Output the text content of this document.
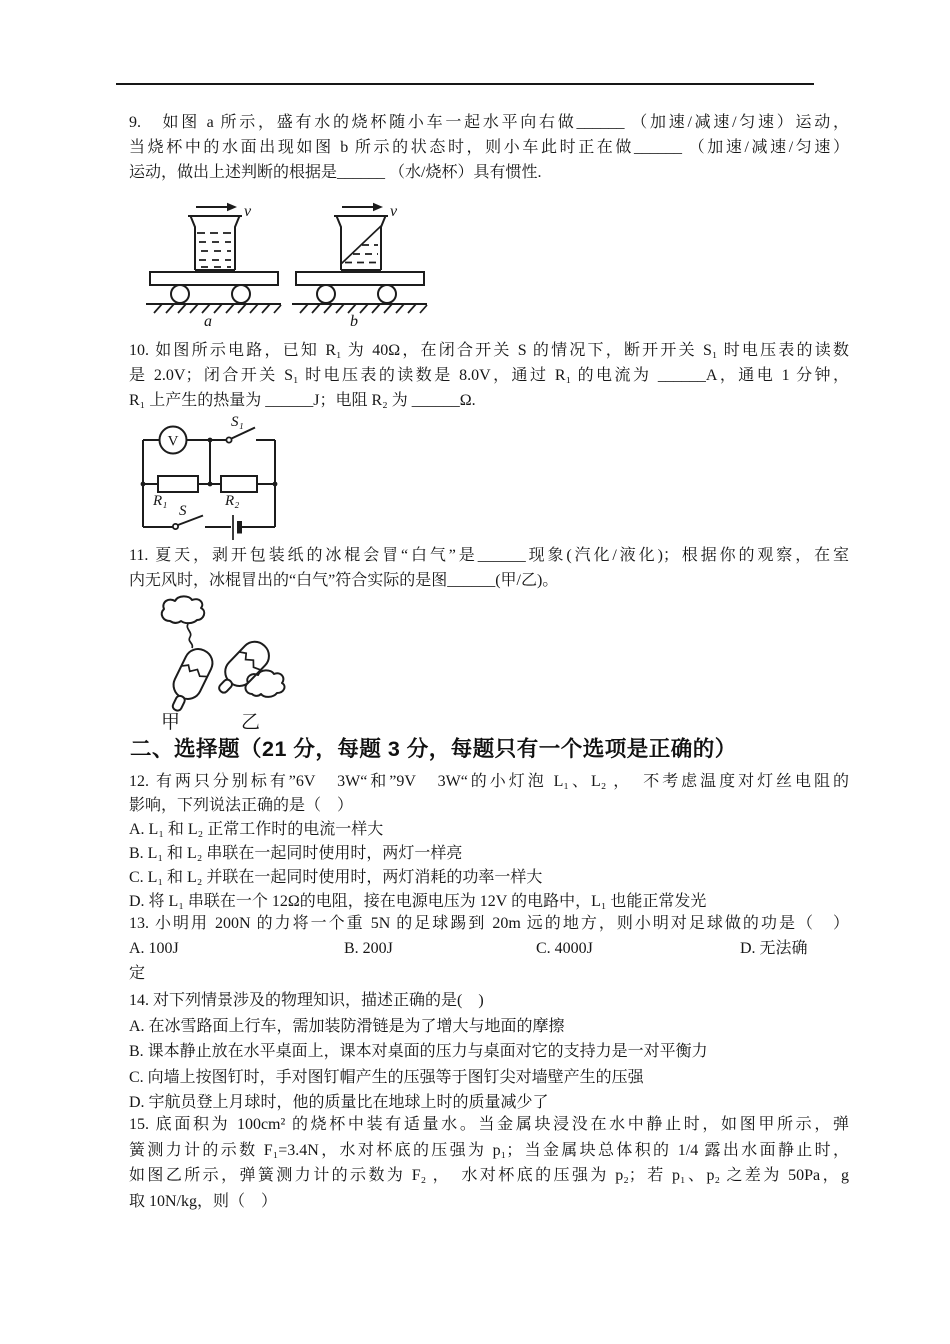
9.　如图 a 所示，盛有水的烧杯随小车一起水平向右做______ （加速/减速/匀速）运动，
当烧杯中的水面出现如图 b 所示的状态时，则小车此时正在做______ （加速/减速/匀速）
运动，做出上述判断的根据是______ （水/烧杯）具有惯性.
v
a
v
b
10. 如图所示电路，已知 R₁ 为 40Ω，在闭合开关 S 的情况下，断开开关 S₁ 时电压表的读数
是 2.0V；闭合开关 S₁ 时电压表的读数是 8.0V，通过 R₁ 的电流为 ______A，通电 1 分钟，
R₁ 上产生的热量为 ______J；电阻 R₂ 为 ______Ω.
V
S₁
R₁	R₂
S
11. 夏天，剥开包装纸的冰棍会冒“白气”是______现象(汽化/液化)；根据你的观察，在室
内无风时，冰棍冒出的“白气”符合实际的是图______(甲/乙)。
甲	乙
二、选择题（21 分，每题 3 分，每题只有一个选项是正确的）
12. 有两只分别标有”6V　3W“和”9V　3W“的小灯泡 L₁、L₂ ，　不考虑温度对灯丝电阻的
影响，下列说法正确的是（　）
A. L₁ 和 L₂ 正常工作时的电流一样大
B. L₁ 和 L₂ 串联在一起同时使用时，两灯一样亮
C. L₁ 和 L₂ 并联在一起同时使用时，两灯消耗的功率一样大
D. 将 L₁ 串联在一个 12Ω的电阻，接在电源电压为 12V 的电路中，L₁ 也能正常发光
13. 小明用 200N 的力将一个重 5N 的足球踢到 20m 远的地方，则小明对足球做的功是（　）
A. 100J	B. 200J	C. 4000J	D. 无法确
定
14. 对下列情景涉及的物理知识，描述正确的是(　)
A. 在冰雪路面上行车，需加装防滑链是为了增大与地面的摩擦
B. 课本静止放在水平桌面上，课本对桌面的压力与桌面对它的支持力是一对平衡力
C. 向墙上按图钉时，手对图钉帽产生的压强等于图钉尖对墙壁产生的压强
D. 宇航员登上月球时，他的质量比在地球上时的质量减少了
15. 底面积为 100cm² 的烧杯中装有适量水。当金属块浸没在水中静止时，如图甲所示，弹
簧测力计的示数 F₁=3.4N，水对杯底的压强为 p₁；当金属块总体积的 1/4 露出水面静止时，
如图乙所示，弹簧测力计的示数为 F₂ ，　水对杯底的压强为 p₂；若 p₁、p₂ 之差为 50Pa，g
取 10N/kg，则（　）
